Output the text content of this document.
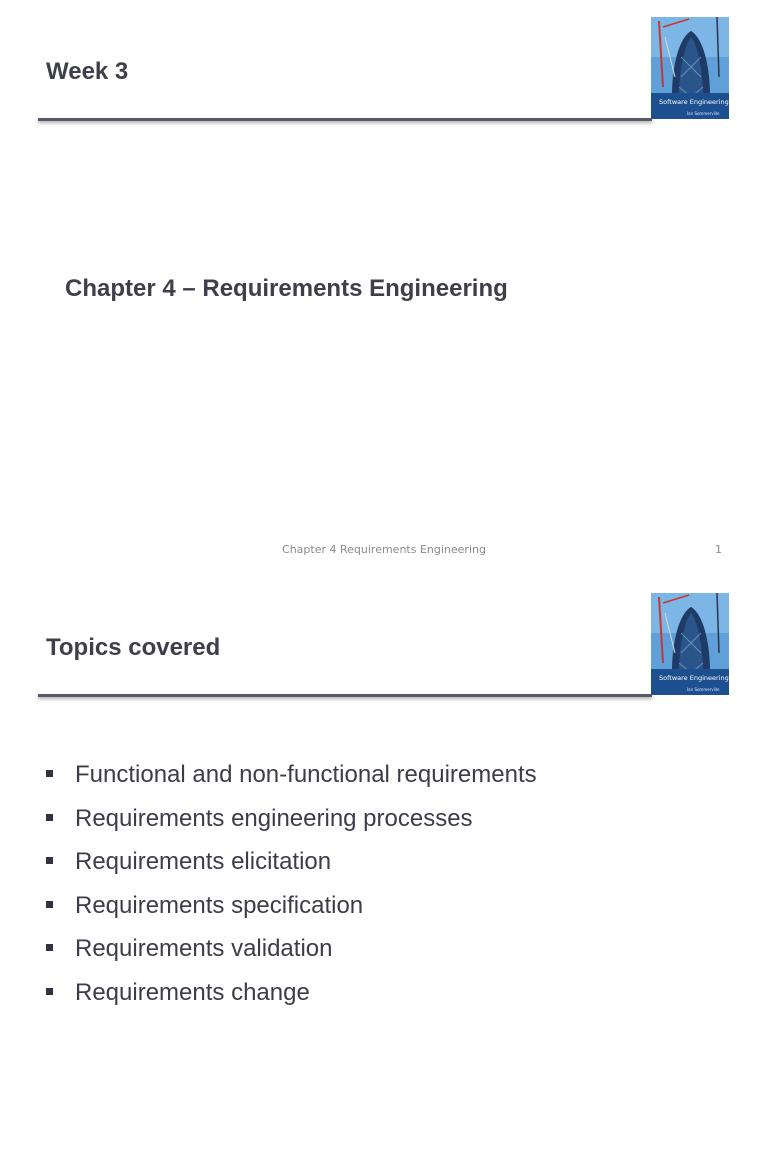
Week 3
Software Engineering
Ian Sommerville
Chapter 4 – Requirements Engineering
Chapter 4 Requirements Engineering	1
Topics covered
Software Engineering
Ian Sommerville
Functional and non-functional requirements
Requirements engineering processes
Requirements elicitation
Requirements specification
Requirements validation
Requirements change
